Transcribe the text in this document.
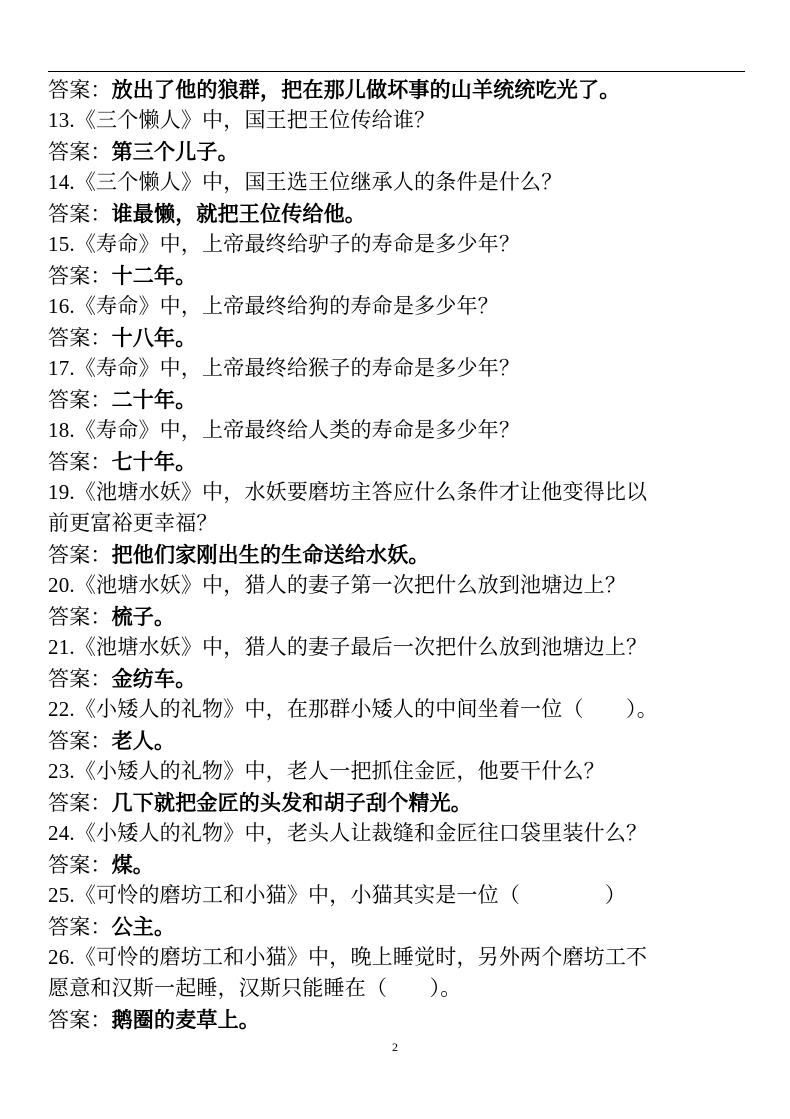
答案：放出了他的狼群，把在那儿做坏事的山羊统统吃光了。
13.《三个懒人》中，国王把王位传给谁？
答案：第三个儿子。
14.《三个懒人》中，国王选王位继承人的条件是什么？
答案：谁最懒，就把王位传给他。
15.《寿命》中，上帝最终给驴子的寿命是多少年？
答案：十二年。
16.《寿命》中，上帝最终给狗的寿命是多少年？
答案：十八年。
17.《寿命》中，上帝最终给猴子的寿命是多少年？
答案：二十年。
18.《寿命》中，上帝最终给人类的寿命是多少年？
答案：七十年。
19.《池塘水妖》中，水妖要磨坊主答应什么条件才让他变得比以
前更富裕更幸福？
答案：把他们家刚出生的生命送给水妖。
20.《池塘水妖》中，猎人的妻子第一次把什么放到池塘边上？
答案：梳子。
21.《池塘水妖》中，猎人的妻子最后一次把什么放到池塘边上？
答案：金纺车。
22.《小矮人的礼物》中，在那群小矮人的中间坐着一位（　　）。
答案：老人。
23.《小矮人的礼物》中，老人一把抓住金匠，他要干什么？
答案：几下就把金匠的头发和胡子刮个精光。
24.《小矮人的礼物》中，老头人让裁缝和金匠往口袋里装什么？
答案：煤。
25.《可怜的磨坊工和小猫》中，小猫其实是一位（　　　　）
答案：公主。
26.《可怜的磨坊工和小猫》中，晚上睡觉时，另外两个磨坊工不
愿意和汉斯一起睡，汉斯只能睡在（　　）。
答案：鹅圈的麦草上。
2
